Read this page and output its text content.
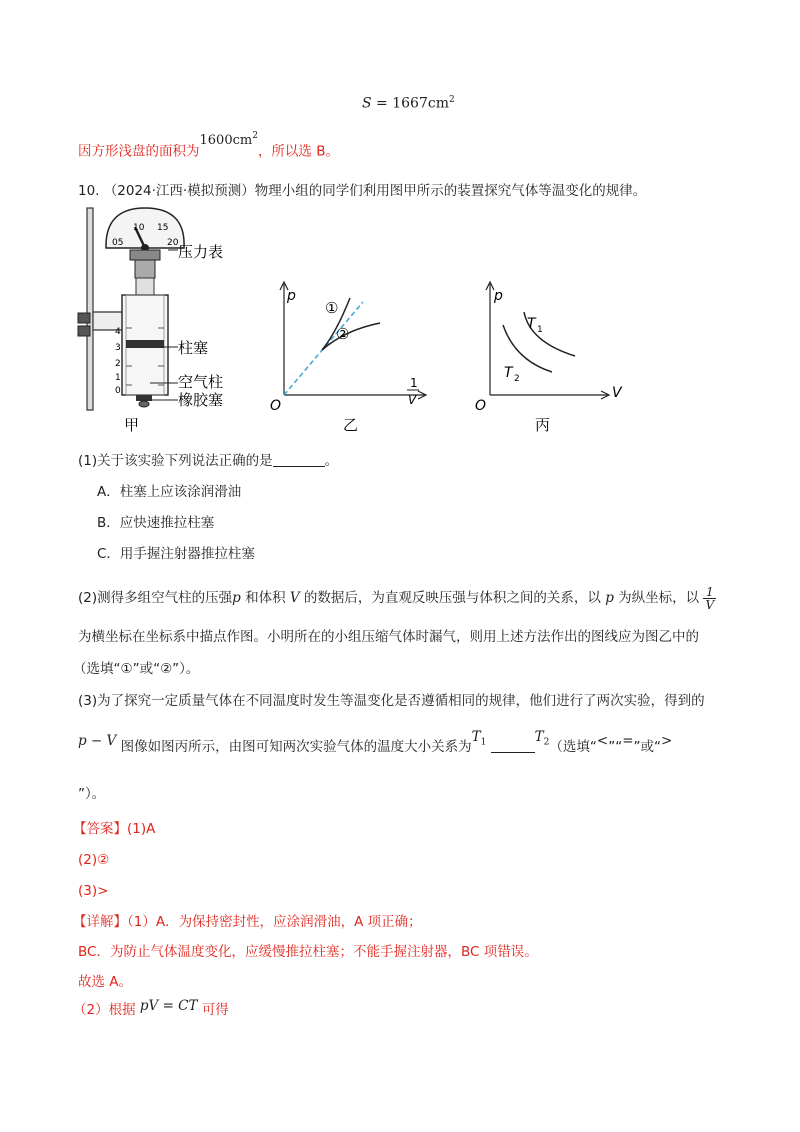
$S = 1667cm^2$
因方形浅盘的面积为$1600cm^2$，所以选 B。
10. （2024·江西·模拟预测）物理小组的同学们利用图甲所示的装置探究气体等温变化的规律。
05
10 15
20
4
3
2
1
0
压力表
柱塞
空气柱
橡胶塞
甲
p
①
②
1
V
O
乙
p
T 1
T 2
V
O
丙
(1)关于该实验下列说法正确的是	。
A．柱塞上应该涂润滑油
B．应快速推拉柱塞
C．用手握注射器推拉柱塞
(2)测得多组空气柱的压强p 和体积 V 的数据后，为直观反映压强与体积之间的关系，以 p 为纵坐标，以 $\frac{1}{V}$
为横坐标在坐标系中描点作图。小明所在的小组压缩气体时漏气，则用上述方法作出的图线应为图乙中的
（选填“①”或“②”）。
(3)为了探究一定质量气体在不同温度时发生等温变化是否遵循相同的规律，他们进行了两次实验，得到的
p − V 图像如图丙所示，由图可知两次实验气体的温度大小关系为$T_1$	$T_2$（选填“<”“=”或“>
”）。
【答案】(1)A
(2)②
(3)>
【详解】（1）A．为保持密封性，应涂润滑油，A 项正确；
BC．为防止气体温度变化，应缓慢推拉柱塞；不能手握注射器，BC 项错误。
故选 A。
（2）根据 pV = CT 可得
